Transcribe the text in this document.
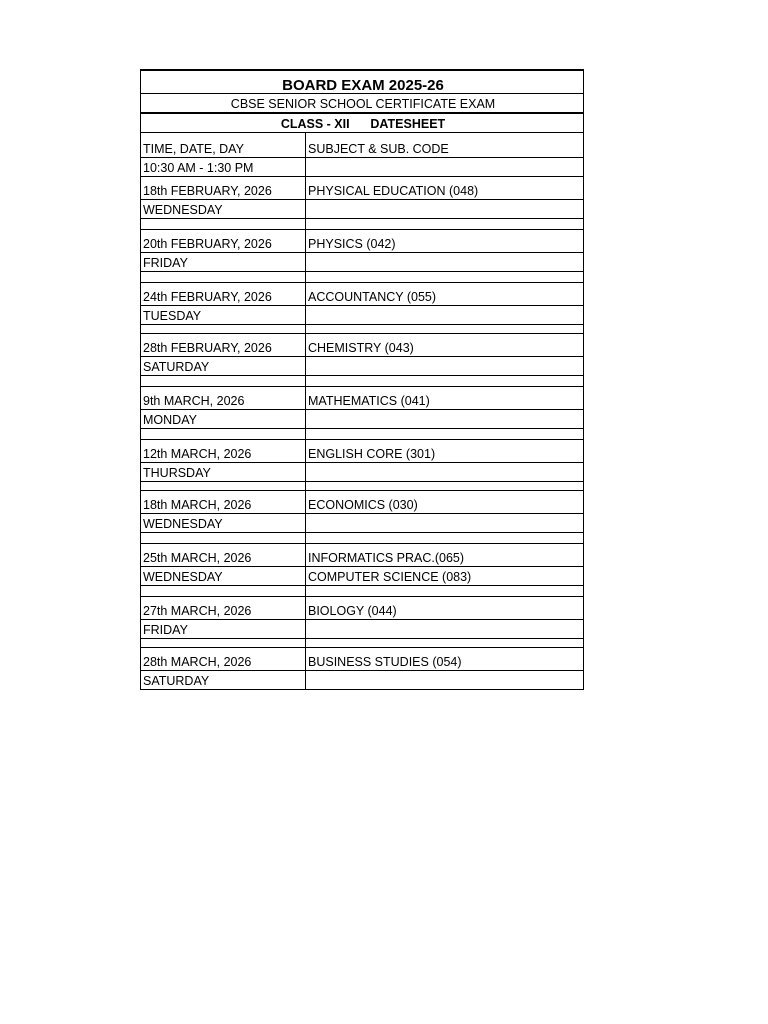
BOARD EXAM 2025-26	
CBSE SENIOR SCHOOL CERTIFICATE EXAM	
CLASS - XII      DATESHEET	
TIME, DATE, DAY	SUBJECT & SUB. CODE
10:30 AM - 1:30 PM	
18th FEBRUARY, 2026	PHYSICAL EDUCATION (048)
WEDNESDAY	

20th FEBRUARY, 2026	PHYSICS (042)
FRIDAY	

24th FEBRUARY, 2026	ACCOUNTANCY (055)
TUESDAY	

28th FEBRUARY, 2026	CHEMISTRY (043)
SATURDAY	

9th MARCH, 2026	MATHEMATICS (041)
MONDAY	

12th MARCH, 2026	ENGLISH CORE (301)
THURSDAY	

18th MARCH, 2026	ECONOMICS (030)
WEDNESDAY	

25th MARCH, 2026	INFORMATICS PRAC.(065)
WEDNESDAY	COMPUTER SCIENCE (083)

27th MARCH, 2026	BIOLOGY (044)
FRIDAY	

28th MARCH, 2026	BUSINESS STUDIES (054)
SATURDAY	
